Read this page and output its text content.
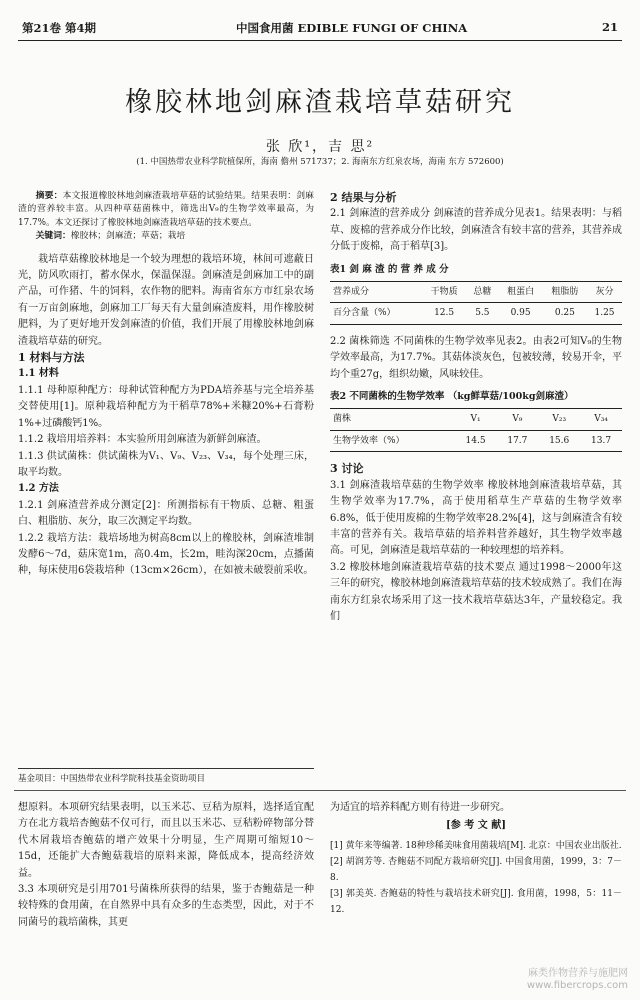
第21卷 第4期	中国食用菌 EDIBLE FUNGI OF CHINA	21
橡胶林地剑麻渣栽培草菇研究
张 欣¹，吉 思²
(1. 中国热带农业科学院植保所，海南 儋州 571737；2. 海南东方红泉农场，海南 东方 572600)

摘要：本文报道橡胶林地剑麻渣栽培草菇的试验结果。结果表明：剑麻渣的营养较丰富。从四种草菇菌株中，筛选出V₉的生物学效率最高，为17.7%。本文还探讨了橡胶林地剑麻渣栽培草菇的技术要点。

关键词：橡胶林；剑麻渣；草菇；栽培

栽培草菇橡胶林地是一个较为理想的栽培环境，林间可遮蔽日光，防风吹雨打，蓄水保水，保温保湿。剑麻渣是剑麻加工中的副产品，可作猪、牛的饲料，农作物的肥料。海南省东方市红泉农场有一万亩剑麻地，剑麻加工厂每天有大量剑麻渣废料，用作橡胶树肥料，为了更好地开发剑麻渣的价值，我们开展了用橡胶林地剑麻渣栽培草菇的研究。

1 材料与方法

1.1 材料

1.1.1 母种原种配方：母种试管种配方为PDA培养基与完全培养基交替使用[1]。原种栽培种配方为干稻草78%+米糠20%+石膏粉1%+过磷酸钙1%。

1.1.2 栽培用培养料：本实验所用剑麻渣为新鲜剑麻渣。

1.1.3 供试菌株：供试菌株为V₁、V₉、V₂₃、V₃₄，每个处理三床，取平均数。

1.2 方法

1.2.1 剑麻渣营养成分测定[2]：所测指标有干物质、总糖、粗蛋白、粗脂肪、灰分，取三次测定平均数。

1.2.2 栽培方法：栽培场地为树高8cm以上的橡胶林，剑麻渣堆制发酵6～7d，菇床宽1m，高0.4m，长2m，畦沟深20cm，点播菌种，每床使用6袋栽培种（13cm×26cm），在如被未破裂前采收。

基金项目：中国热带农业科学院科技基金资助项目

2 结果与分析

2.1 剑麻渣的营养成分 剑麻渣的营养成分见表1。结果表明：与稻草、废棉的营养成分作比较，剑麻渣含有较丰富的营养，其营养成分低于废棉，高于稻草[3]。

表1 剑 麻 渣 的 营 养 成 分
营养成分	干物质	总糖	粗蛋白	粗脂肪	灰分
百分含量（%）	12.5	5.5	0.95	0.25	1.25

2.2 菌株筛选 不同菌株的生物学效率见表2。由表2可知V₉的生物学效率最高，为17.7%。其菇体淡灰色，包被较薄，较易开伞，平均个重27g，组织幼嫩，风味较佳。

表2 不同菌株的生物学效率 （kg鲜草菇/100kg剑麻渣）
菌株	V₁	V₉	V₂₃	V₃₄
生物学效率（%）	14.5	17.7	15.6	13.7

3 讨论

3.1 剑麻渣栽培草菇的生物学效率 橡胶林地剑麻渣栽培草菇，其生物学效率为17.7%，高于使用稻草生产草菇的生物学效率6.8%，低于使用废棉的生物学效率28.2%[4]，这与剑麻渣含有较丰富的营养有关。栽培草菇的培养料营养越好，其生物学效率越高。可见，剑麻渣是栽培草菇的一种较理想的培养料。

3.2 橡胶林地剑麻渣栽培草菇的技术要点 通过1998～2000年这三年的研究，橡胶林地剑麻渣栽培草菇的技术较成熟了。我们在海南东方红泉农场采用了这一技术栽培草菇达3年，产量较稳定。我们

想原料。本项研究结果表明，以玉米芯、豆秸为原料，选择适宜配方在北方栽培杏鲍菇不仅可行，而且以玉米芯、豆秸粉碎物部分替代木屑栽培杏鲍菇的增产效果十分明显，生产周期可缩短10～15d，还能扩大杏鲍菇栽培的原料来源，降低成本，提高经济效益。

3.3 本项研究是引用701号菌株所获得的结果，鉴于杏鲍菇是一种较特殊的食用菌，在自然界中具有众多的生态类型，因此，对于不同菌号的栽培菌株，其更

为适宜的培养料配方则有待进一步研究。

[参 考 文 献]

[1] 黄年来等编著. 18种珍稀美味食用菌栽培[M]. 北京：中国农业出版社.

[2] 胡润芳等. 杏鲍菇不同配方栽培研究[J]. 中国食用菌，1999，3：7－8.

[3] 郭美英. 杏鲍菇的特性与栽培技术研究[J]. 食用菌，1998，5：11－12.

麻类作物营养与施肥网
www.fibercrops.com
